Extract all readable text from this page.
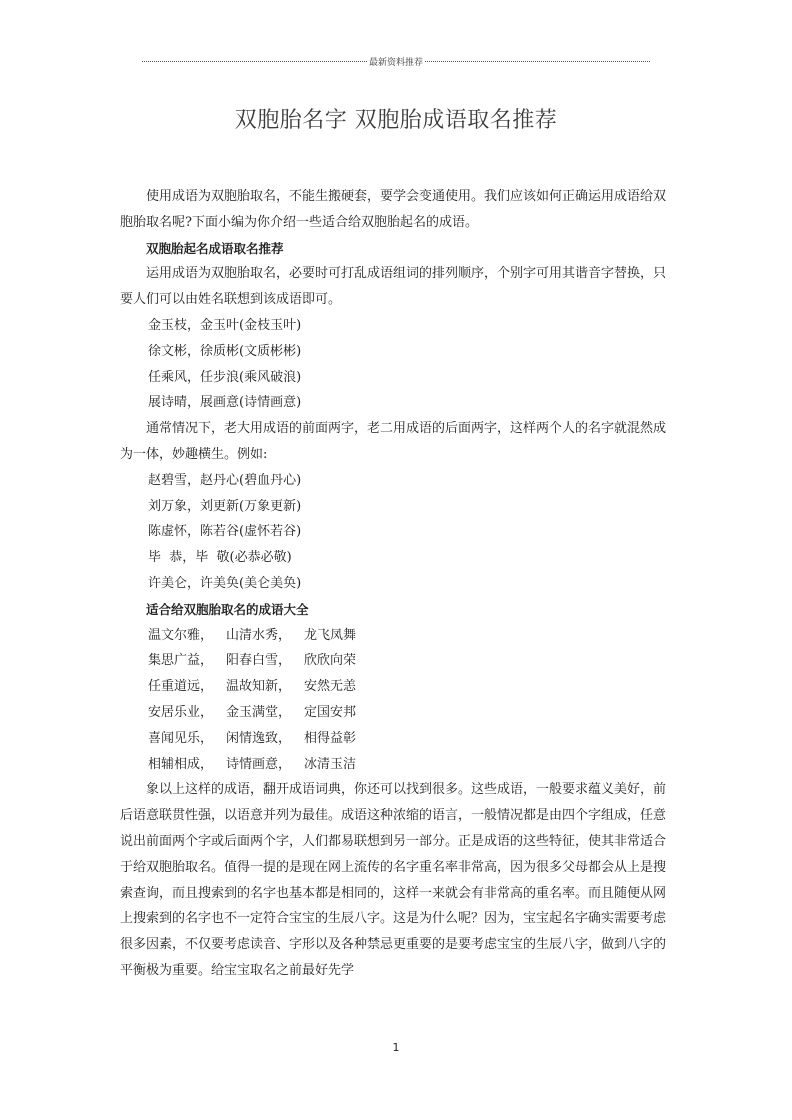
最新资料推荐
双胞胎名字 双胞胎成语取名推荐

使用成语为双胞胎取名，不能生搬硬套，要学会变通使用。我们应该如何正确运用成语给双胞胎取名呢?下面小编为你介绍一些适合给双胞胎起名的成语。

双胞胎起名成语取名推荐

运用成语为双胞胎取名，必要时可打乱成语组词的排列顺序，个别字可用其谐音字替换，只要人们可以由姓名联想到该成语即可。

金玉枝，金玉叶(金枝玉叶)

徐文彬，徐质彬(文质彬彬)

任乘风，任步浪(乘风破浪)

展诗晴，展画意(诗情画意)

通常情况下，老大用成语的前面两字，老二用成语的后面两字，这样两个人的名字就混然成为一体，妙趣横生。例如:

赵碧雪，赵丹心(碧血丹心)

刘万象，刘更新(万象更新)

陈虚怀，陈若谷(虚怀若谷)

毕  恭，毕  敬(必恭必敬)

许美仑，许美奂(美仑美奂)

适合给双胞胎取名的成语大全

温文尔雅， 山清水秀， 龙飞凤舞
集思广益， 阳春白雪， 欣欣向荣
任重道远， 温故知新， 安然无恙
安居乐业， 金玉满堂， 定国安邦
喜闻见乐， 闲情逸致， 相得益彰
相辅相成， 诗情画意， 冰清玉洁

象以上这样的成语，翻开成语词典，你还可以找到很多。这些成语，一般要求蕴义美好，前后语意联贯性强，以语意并列为最佳。成语这种浓缩的语言，一般情况都是由四个字组成，任意说出前面两个字或后面两个字，人们都易联想到另一部分。正是成语的这些特征，使其非常适合于给双胞胎取名。值得一提的是现在网上流传的名字重名率非常高，因为很多父母都会从上是搜索查询，而且搜索到的名字也基本都是相同的，这样一来就会有非常高的重名率。而且随便从网上搜索到的名字也不一定符合宝宝的生辰八字。这是为什么呢？因为，宝宝起名字确实需要考虑很多因素，不仅要考虑读音、字形以及各种禁忌更重要的是要考虑宝宝的生辰八字，做到八字的平衡极为重要。给宝宝取名之前最好先学

1
